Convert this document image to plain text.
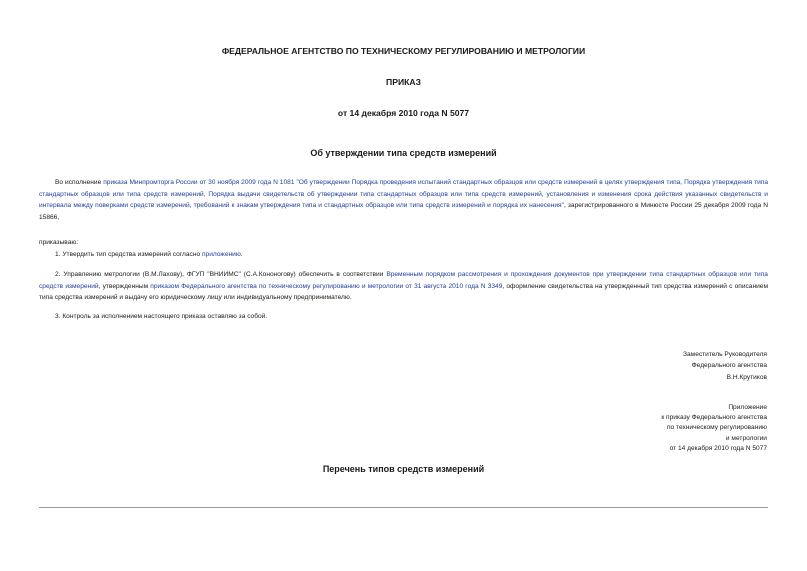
ФЕДЕРАЛЬНОЕ АГЕНТСТВО ПО ТЕХНИЧЕСКОМУ РЕГУЛИРОВАНИЮ И МЕТРОЛОГИИ
ПРИКАЗ
от 14 декабря 2010 года N 5077
Об утверждении типа средств измерений
Во исполнение приказа Минпромторга России от 30 ноября 2009 года N 1081 "Об утверждении Порядка проведения испытаний стандартных образцов или средств измерений в целях утверждения типа, Порядка утверждения типа стандартных образцов или типа средств измерений, Порядка выдачи свидетельств об утверждении типа стандартных образцов или типа средств измерений, установления и изменения срока действия указанных свидетельств и интервала между поверками средств измерений, требований к знакам утверждения типа и стандартных образцов или типа средств измерений и порядка их нанесения", зарегистрированного в Минюсте России 25 декабря 2009 года N 15866,
приказываю:
1. Утвердить тип средства измерений согласно приложению.
2. Управлению метрологии (В.М.Лахову), ФГУП "ВНИИМС" (С.А.Кононогову) обеспечить в соответствии Временным порядком рассмотрения и прохождения документов при утверждении типа стандартных образцов или типа средств измерений, утвержденным приказом Федерального агентства по техническому регулированию и метрологии от 31 августа 2010 года N 3349, оформление свидетельства на утвержденный тип средства измерений с описанием типа средства измерений и выдачу его юридическому лицу или индивидуальному предпринимателю.
3. Контроль за исполнением настоящего приказа оставляю за собой.
Заместитель Руководителя
Федерального агентства
В.Н.Крутиков
Приложение
к приказу Федерального агентства
по техническому регулированию
и метрологии
от 14 декабря 2010 года N 5077
Перечень типов средств измерений
